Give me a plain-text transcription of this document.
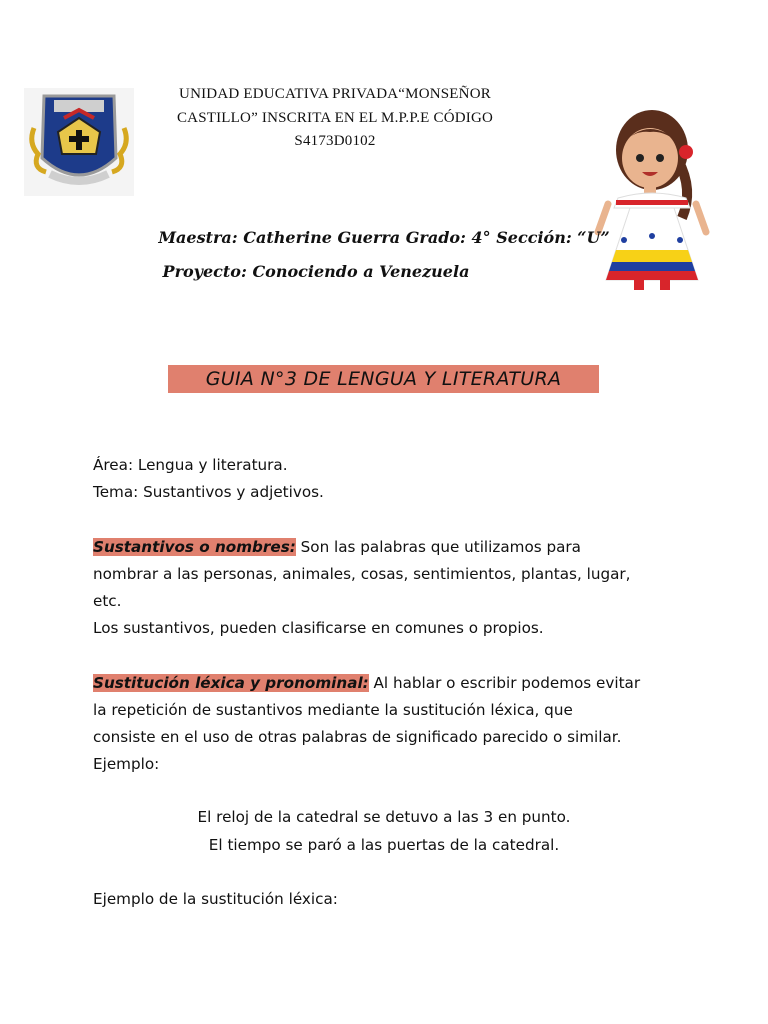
UNIDAD EDUCATIVA PRIVADA“MONSEÑOR
CASTILLO” INSCRITA EN EL M.P.P.E CÓDIGO
S4173D0102
Maestra: Catherine Guerra Grado: 4° Sección: “U”
Proyecto: Conociendo a Venezuela
GUIA N°3 DE LENGUA Y LITERATURA
Área: Lengua y literatura.
Tema: Sustantivos y adjetivos.
Sustantivos o nombres: Son las palabras que utilizamos para
nombrar a las personas, animales, cosas, sentimientos, plantas, lugar,
etc.
Los sustantivos, pueden clasificarse en comunes o propios.
Sustitución léxica y pronominal: Al hablar o escribir podemos evitar
la repetición de sustantivos mediante la sustitución léxica, que
consiste en el uso de otras palabras de significado parecido o similar.
Ejemplo:
El reloj de la catedral se detuvo a las 3 en punto.
El tiempo se paró a las puertas de la catedral.
Ejemplo de la sustitución léxica:
